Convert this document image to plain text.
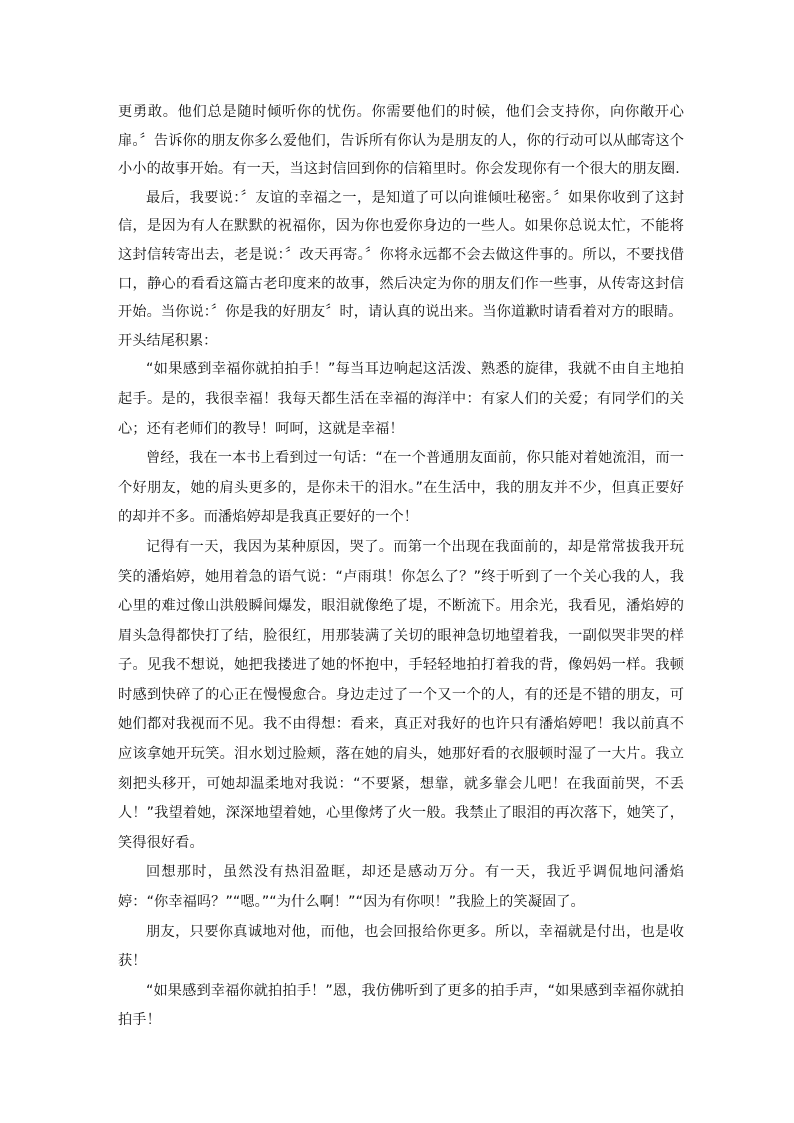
更勇敢。他们总是随时倾听你的忧伤。你需要他们的时候，他们会支持你，向你敞开心扉。〞告诉你的朋友你多么爱他们，告诉所有你认为是朋友的人，你的行动可以从邮寄这个小小的故事开始。有一天，当这封信回到你的信箱里时。你会发现你有一个很大的朋友圈.

最后，我要说：〞友谊的幸福之一，是知道了可以向谁倾吐秘密。〞如果你收到了这封信，是因为有人在默默的祝福你，因为你也爱你身边的一些人。如果你总说太忙，不能将这封信转寄出去，老是说：〞改天再寄。〞你将永远都不会去做这件事的。所以，不要找借口，静心的看看这篇古老印度来的故事，然后决定为你的朋友们作一些事，从传寄这封信开始。当你说：〞你是我的好朋友〞时，请认真的说出来。当你道歉时请看着对方的眼睛。

开头结尾积累：

“如果感到幸福你就拍拍手！”每当耳边响起这活泼、熟悉的旋律，我就不由自主地拍起手。是的，我很幸福！我每天都生活在幸福的海洋中：有家人们的关爱；有同学们的关心；还有老师们的教导！呵呵，这就是幸福！

曾经，我在一本书上看到过一句话：“在一个普通朋友面前，你只能对着她流泪，而一个好朋友，她的肩头更多的，是你未干的泪水。”在生活中，我的朋友并不少，但真正要好的却并不多。而潘焰婷却是我真正要好的一个！

记得有一天，我因为某种原因，哭了。而第一个出现在我面前的，却是常常拔我开玩笑的潘焰婷，她用着急的语气说：“卢雨琪！你怎么了？”终于听到了一个关心我的人，我心里的难过像山洪般瞬间爆发，眼泪就像绝了堤，不断流下。用余光，我看见，潘焰婷的眉头急得都快打了结，脸很红，用那装满了关切的眼神急切地望着我，一副似哭非哭的样子。见我不想说，她把我搂进了她的怀抱中，手轻轻地拍打着我的背，像妈妈一样。我顿时感到快碎了的心正在慢慢愈合。身边走过了一个又一个的人，有的还是不错的朋友，可她们都对我视而不见。我不由得想：看来，真正对我好的也许只有潘焰婷吧！我以前真不应该拿她开玩笑。泪水划过脸颊，落在她的肩头，她那好看的衣服顿时湿了一大片。我立刻把头移开，可她却温柔地对我说：“不要紧，想靠，就多靠会儿吧！在我面前哭，不丢人！”我望着她，深深地望着她，心里像烤了火一般。我禁止了眼泪的再次落下，她笑了，笑得很好看。

回想那时，虽然没有热泪盈眶，却还是感动万分。有一天，我近乎调侃地问潘焰婷：“你幸福吗？”“嗯。”“为什么啊！”“因为有你呗！”我脸上的笑凝固了。

朋友，只要你真诚地对他，而他，也会回报给你更多。所以，幸福就是付出，也是收获！

“如果感到幸福你就拍拍手！”恩，我仿佛听到了更多的拍手声，“如果感到幸福你就拍拍手！
